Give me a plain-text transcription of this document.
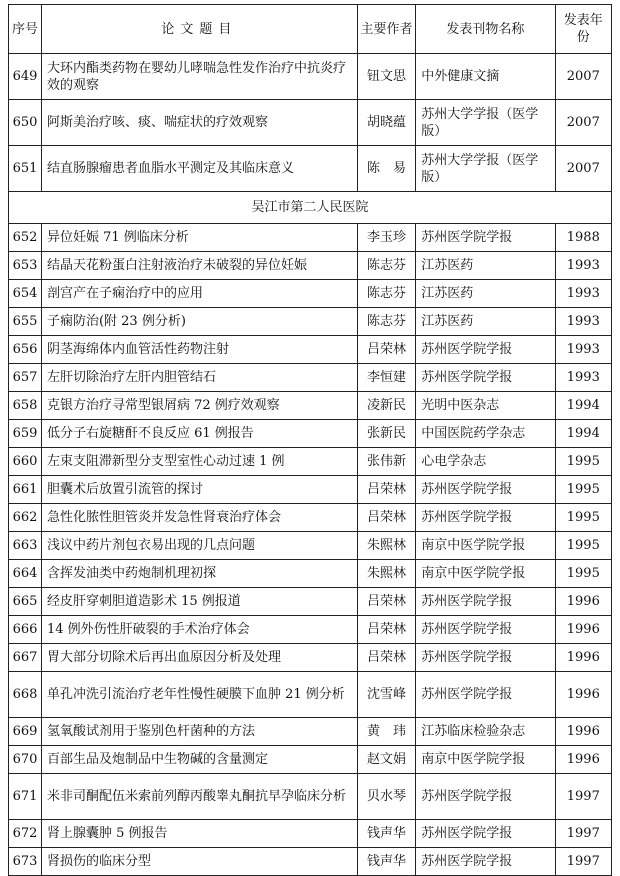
序号	论文题目	主要作者	发表刊物名称	发表年份
649	大环内酯类药物在婴幼儿哮喘急性发作治疗中抗炎疗效的观察	钮文思	中外健康文摘	2007
650	阿斯美治疗咳、痰、喘症状的疗效观察	胡晓蕴	苏州大学学报（医学版）	2007
651	结直肠腺瘤患者血脂水平测定及其临床意义	陈　易	苏州大学学报（医学版）	2007
吴江市第二人民医院				
652	异位妊娠 71 例临床分析	李玉珍	苏州医学院学报	1988
653	结晶天花粉蛋白注射液治疗未破裂的异位妊娠	陈志芬	江苏医药	1993
654	剖宫产在子痫治疗中的应用	陈志芬	江苏医药	1993
655	子痫防治(附 23 例分析)	陈志芬	江苏医药	1993
656	阴茎海绵体内血管活性药物注射	吕荣林	苏州医学院学报	1993
657	左肝切除治疗左肝内胆管结石	李恒建	苏州医学院学报	1993
658	克银方治疗寻常型银屑病 72 例疗效观察	凌新民	光明中医杂志	1994
659	低分子右旋糖酐不良反应 61 例报告	张新民	中国医院药学杂志	1994
660	左束支阻滞新型分支型室性心动过速 1 例	张伟新	心电学杂志	1995
661	胆囊术后放置引流管的探讨	吕荣林	苏州医学院学报	1995
662	急性化脓性胆管炎并发急性肾衰治疗体会	吕荣林	苏州医学院学报	1995
663	浅议中药片剂包衣易出现的几点问题	朱熙林	南京中医学院学报	1995
664	含挥发油类中药炮制机理初探	朱熙林	南京中医学院学报	1995
665	经皮肝穿刺胆道造影术 15 例报道	吕荣林	苏州医学院学报	1996
666	14 例外伤性肝破裂的手术治疗体会	吕荣林	苏州医学院学报	1996
667	胃大部分切除术后再出血原因分析及处理	吕荣林	苏州医学院学报	1996
668	单孔冲洗引流治疗老年性慢性硬膜下血肿 21 例分析	沈雪峰	苏州医学院学报	1996
669	氢氧酸试剂用于鉴别色杆菌种的方法	黄　玮	江苏临床检验杂志	1996
670	百部生品及炮制品中生物碱的含量测定	赵文娟	南京中医学院学报	1996
671	米非司酮配伍米索前列醇丙酸睾丸酮抗早孕临床分析	贝水琴	苏州医学院学报	1997
672	肾上腺囊肿 5 例报告	钱声华	苏州医学院学报	1997
673	肾损伤的临床分型	钱声华	苏州医学院学报	1997
